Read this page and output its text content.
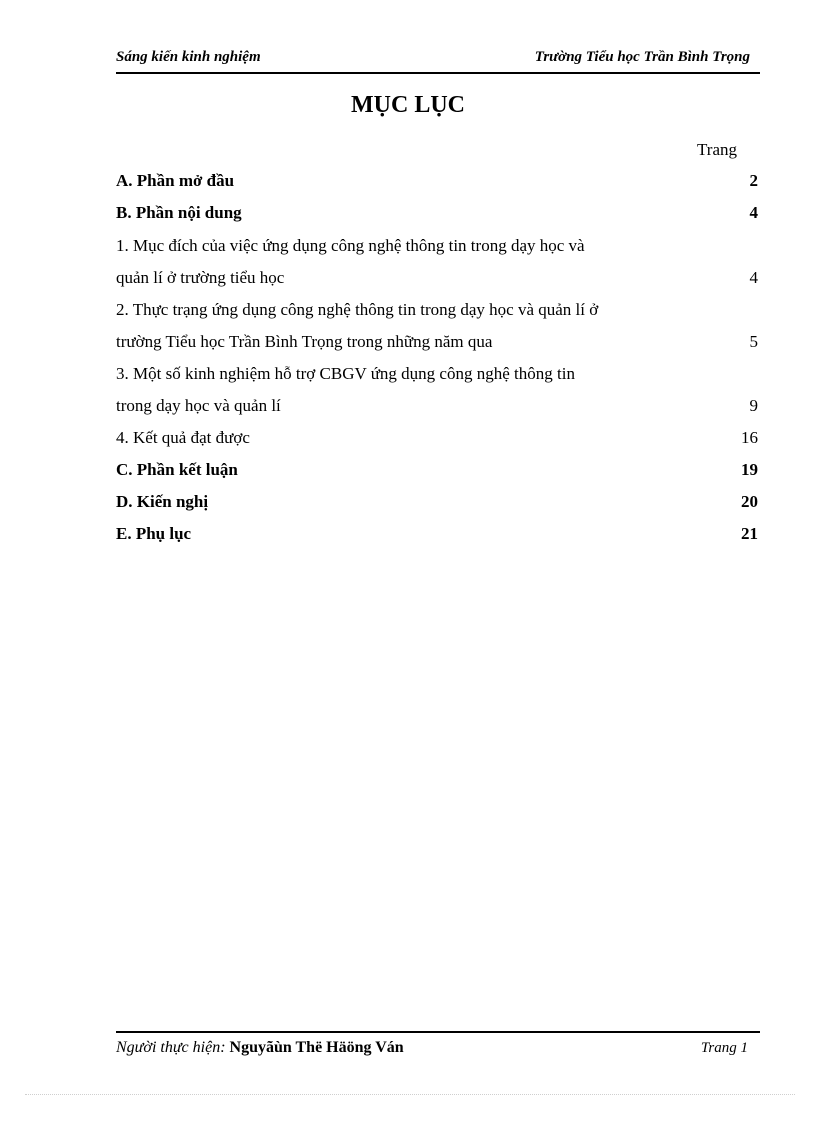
Sáng kiến kinh nghiệm	Trường Tiểu học Trần Bình Trọng
MỤC LỤC
Trang
A. Phần mở đầu	2
B. Phần nội dung	4
1. Mục đích của việc ứng dụng công nghệ thông tin trong dạy học và
quản lí ở trường tiểu học	4
2. Thực trạng ứng dụng công nghệ thông tin trong dạy học và quản lí ở
trường Tiểu học Trần Bình Trọng trong những năm qua	5
3. Một số kinh nghiệm hỗ trợ CBGV ứng dụng công nghệ thông tin
trong dạy học và quản lí	9
4. Kết quả đạt được	16
C. Phần kết luận	19
D. Kiến nghị	20
E. Phụ lục	21
Người thực hiện: Nguyãùn Thë Häöng Ván	Trang 1
